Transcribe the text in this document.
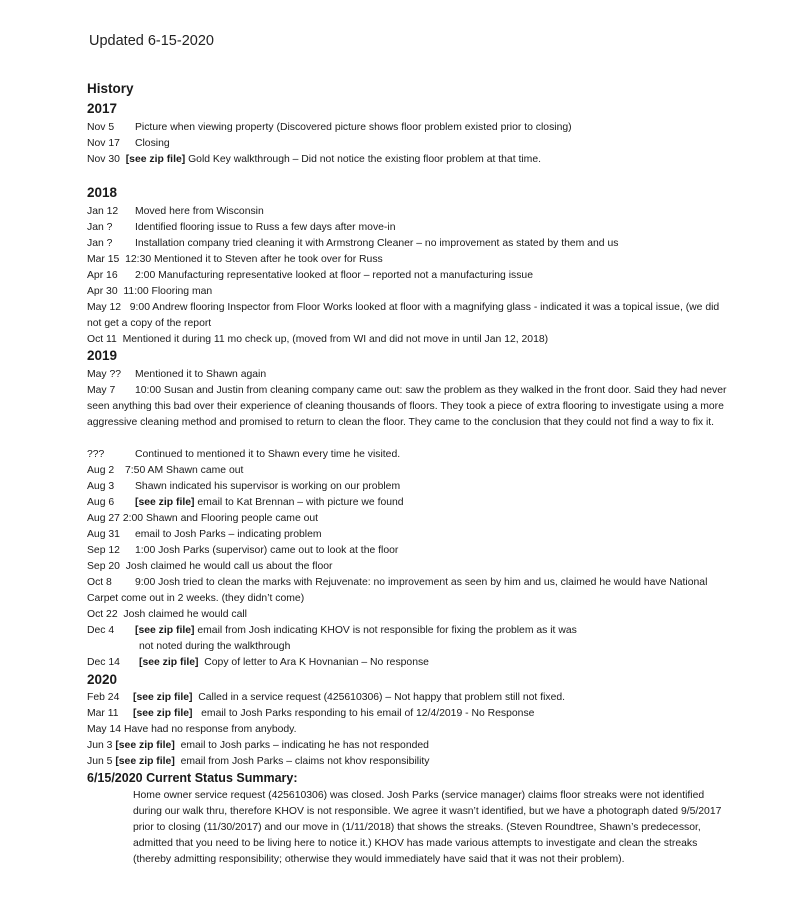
Updated 6-15-2020
History
2017
Nov 5 Picture when viewing property (Discovered picture shows floor problem existed prior to closing)
Nov 17 Closing
Nov 30 [see zip file] Gold Key walkthrough – Did not notice the existing floor problem at that time.
2018
Jan 12 Moved here from Wisconsin
Jan ? Identified flooring issue to Russ a few days after move-in
Jan ? Installation company tried cleaning it with Armstrong Cleaner – no improvement as stated by them and us
Mar 15 12:30 Mentioned it to Steven after he took over for Russ
Apr 16 2:00 Manufacturing representative looked at floor – reported not a manufacturing issue
Apr 30 11:00 Flooring man
May 12 9:00 Andrew flooring Inspector from Floor Works looked at floor with a magnifying glass - indicated it was a topical issue, (we did not get a copy of the report
Oct 11 Mentioned it during 11 mo check up, (moved from WI and did not move in until Jan 12, 2018)
2019
May ?? Mentioned it to Shawn again
May 7 10:00 Susan and Justin from cleaning company came out: saw the problem as they walked in the front door. Said they had never seen anything this bad over their experience of cleaning thousands of floors. They took a piece of extra flooring to investigate using a more aggressive cleaning method and promised to return to clean the floor. They came to the conclusion that they could not find a way to fix it.
???	Continued to mentioned it to Shawn every time he visited.
Aug 2 7:50 AM Shawn came out
Aug 3 Shawn indicated his supervisor is working on our problem
Aug 6 [see zip file] email to Kat Brennan – with picture we found
Aug 27 2:00 Shawn and Flooring people came out
Aug 31 email to Josh Parks – indicating problem
Sep 12 1:00 Josh Parks (supervisor) came out to look at the floor
Sep 20 Josh claimed he would call us about the floor
Oct 8 9:00 Josh tried to clean the marks with Rejuvenate: no improvement as seen by him and us, claimed he would have National Carpet come out in 2 weeks. (they didn’t come)
Oct 22 Josh claimed he would call
Dec 4 [see zip file] email from Josh indicating KHOV is not responsible for fixing the problem as it was
not noted during the walkthrough
Dec 14 [see zip file] Copy of letter to Ara K Hovnanian – No response
2020
Feb 24 [see zip file] Called in a service request (425610306) – Not happy that problem still not fixed.
Mar 11 [see zip file] email to Josh Parks responding to his email of 12/4/2019 - No Response
May 14 Have had no response from anybody.
Jun 3 [see zip file] email to Josh parks – indicating he has not responded
Jun 5 [see zip file] email from Josh Parks – claims not khov responsibility
6/15/2020 Current Status Summary:
Home owner service request (425610306) was closed. Josh Parks (service manager) claims floor streaks were not identified during our walk thru, therefore KHOV is not responsible. We agree it wasn’t identified, but we have a photograph dated 9/5/2017 prior to closing (11/30/2017) and our move in (1/11/2018) that shows the streaks. (Steven Roundtree, Shawn’s predecessor, admitted that you need to be living here to notice it.) KHOV has made various attempts to investigate and clean the streaks (thereby admitting responsibility; otherwise they would immediately have said that it was not their problem).
